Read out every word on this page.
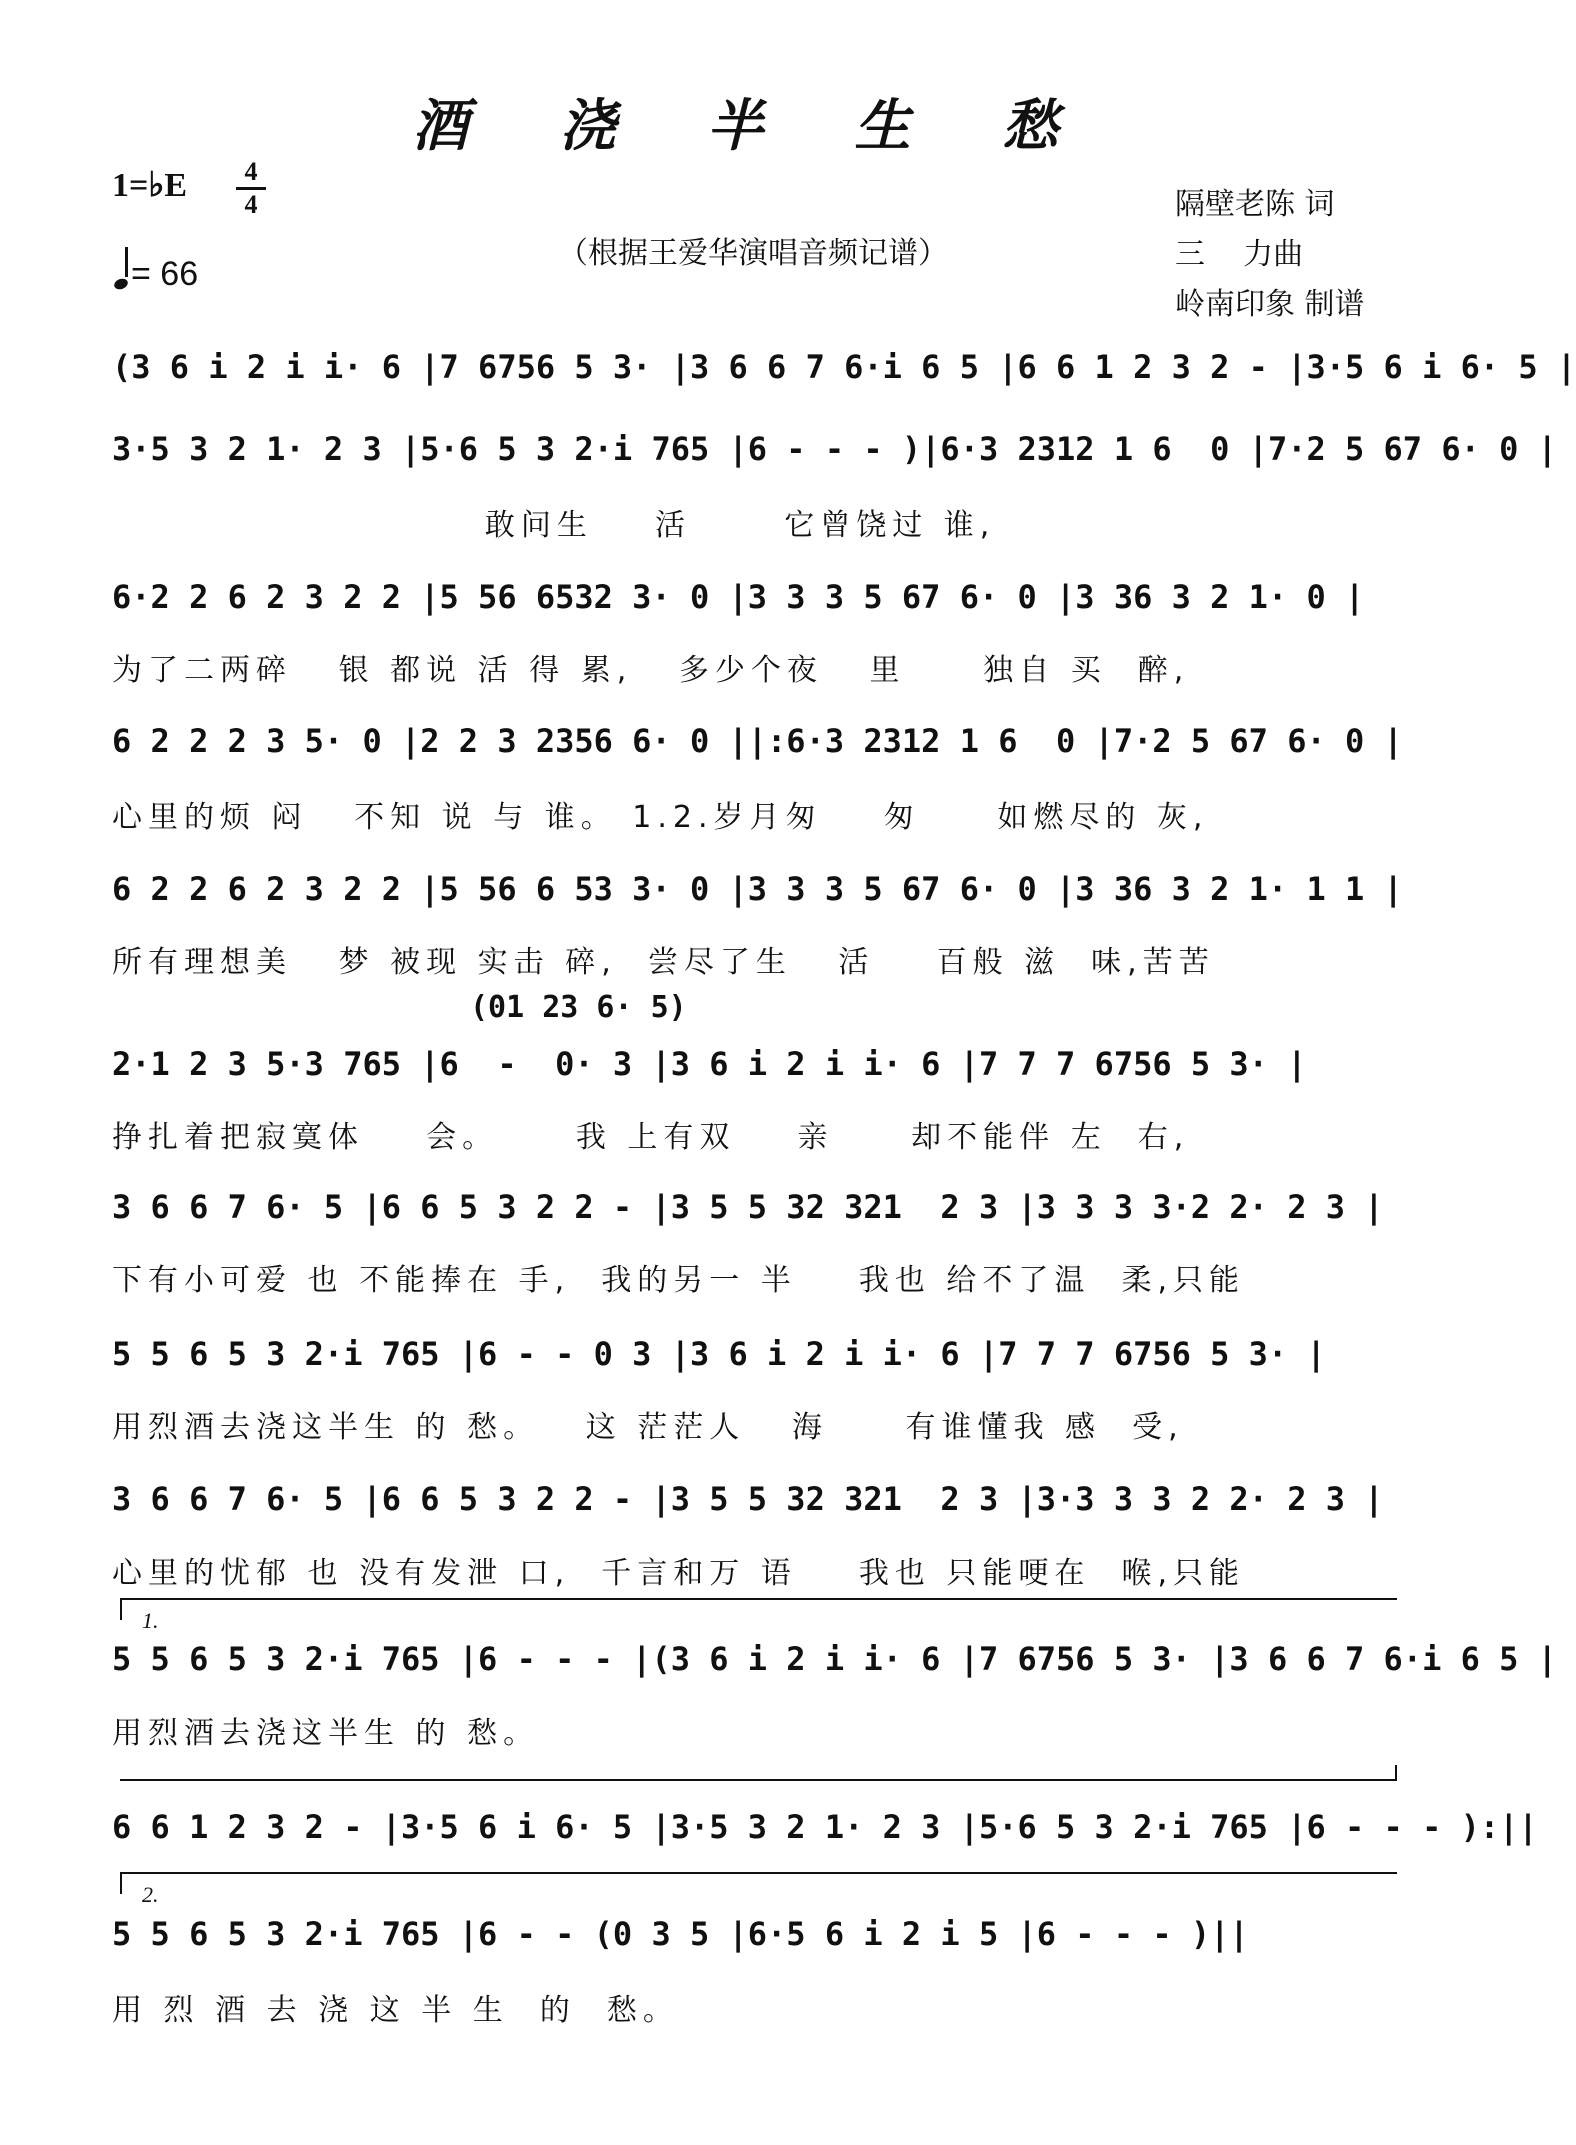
酒 浇 半 生 愁
1=♭E	4
4
= 66
（根据王爱华演唱音频记谱）
隔壁老陈 词
三    力曲
岭南印象 制谱
(3 6 i 2 i i· 6 |7 6756 5 3· |3 6 6 7 6·i 6 5 |6 6 1 2 3 2 - |3·5 6 i 6· 5 |
3·5 3 2 1· 2 3 |5·6 5 3 2·i 765 |6 - - - )|6·3 2312 1 6  0 |7·2 5 67 6· 0 |
敢问生    活      它曾饶过 谁,
6·2 2 6 2 3 2 2 |5 56 6532 3· 0 |3 3 3 5 67 6· 0 |3 36 3 2 1· 0 |
为了二两碎   银 都说 活 得 累,   多少个夜   里     独自 买  醉,
6 2 2 2 3 5· 0 |2 2 3 2356 6· 0 ||:6·3 2312 1 6  0 |7·2 5 67 6· 0 |
心里的烦 闷   不知 说 与 谁。 1.2.岁月匆    匆     如燃尽的 灰,
6 2 2 6 2 3 2 2 |5 56 6 53 3· 0 |3 3 3 5 67 6· 0 |3 36 3 2 1· 1 1 |
所有理想美   梦 被现 实击 碎,  尝尽了生   活    百般 滋  味,苦苦
(01 23 6· 5)
2·1 2 3 5·3 765 |6  -  0· 3 |3 6 i 2 i i· 6 |7 7 7 6756 5 3· |
挣扎着把寂寞体    会。     我 上有双    亲     却不能伴 左  右,
3 6 6 7 6· 5 |6 6 5 3 2 2 - |3 5 5 32 321  2 3 |3 3 3 3·2 2· 2 3 |
下有小可爱 也 不能捧在 手,  我的另一 半    我也 给不了温  柔,只能
5 5 6 5 3 2·i 765 |6 - - 0 3 |3 6 i 2 i i· 6 |7 7 7 6756 5 3· |
用烈酒去浇这半生 的 愁。   这 茫茫人   海     有谁懂我 感  受,
3 6 6 7 6· 5 |6 6 5 3 2 2 - |3 5 5 32 321  2 3 |3·3 3 3 2 2· 2 3 |
心里的忧郁 也 没有发泄 口,  千言和万 语    我也 只能哽在  喉,只能
1.
5 5 6 5 3 2·i 765 |6 - - - |(3 6 i 2 i i· 6 |7 6756 5 3· |3 6 6 7 6·i 6 5 |
用烈酒去浇这半生 的 愁。
6 6 1 2 3 2 - |3·5 6 i 6· 5 |3·5 3 2 1· 2 3 |5·6 5 3 2·i 765 |6 - - - ):||
2.
5 5 6 5 3 2·i 765 |6 - - (0 3 5 |6·5 6 i 2 i 5 |6 - - - )||
用 烈 酒 去 浇 这 半 生  的  愁。
